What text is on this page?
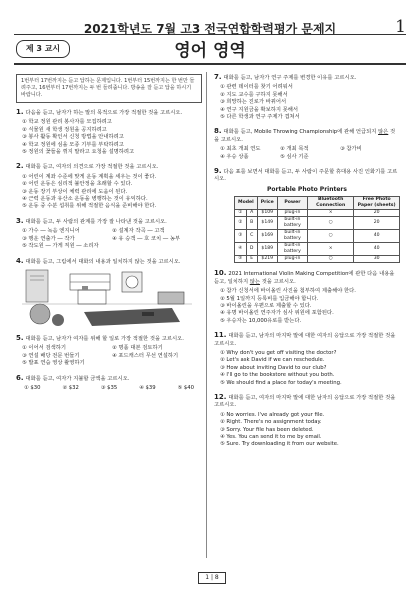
2021학년도 7월 고3 전국연합학력평가 문제지	1
제 3 교시	영어 영역
1번부터 17번까지는 듣고 답하는 문제입니다. 1번부터 15번까지는 한 번만 들려주고, 16번부터 17번까지는 두 번 들려줍니다. 방송을 잘 듣고 답을 하시기 바랍니다.
1. 다음을 듣고, 남자가 하는 말의 목적으로 가장 적절한 것을 고르시오.
① 학교 정원 관리 봉사자를 모집하려고
② 식물원 새 학생 정원을 공지하려고
③ 봉사 활동 확인서 신청 방법을 안내하려고
④ 학교 정원에 심을 모종 기부를 부탁하려고
⑤ 정원의 꽃들을 꺾지 말라고 요청을 설명하려고
2. 대화를 듣고, 여자의 의견으로 가장 적절한 것을 고르시오.
① 어린이 계좌 수준에 맞게 운동 계획을 세우는 것이 좋다.
② 어린 운동은 심리적 불안정을 초래할 수 있다.
③ 운동 장기 부상이 체력 관리에 도움이 된다.
④ 근력 운동과 유산소 운동을 병행하는 것이 유익하다.
⑤ 운동 중 수분 섭취를 위해 적절한 음식을 준비해야 한다.
3. 대화를 듣고, 두 사람의 관계를 가장 잘 나타낸 것을 고르시오.
① 가수 ― 녹음 엔지니어	② 설계자 작곡 ― 고객
③ 행운 연출가 ― 작가	④ 유 승객 ― 호 코치 ― 농부
⑤ 작도원 ― 가게 직원 ― 소리자
4. 대화를 듣고, 그림에서 대화의 내용과 일치하지 않는 것을 고르시오.
5. 대화를 듣고, 남자가 여자를 위해 할 일로 가장 적절한 것을 고르시오.
① 이어서 검색하기	② 명품 대본 검토하기
③ 연설 배당 전문 번들기	④ 포드캐스터 무선 연설하기
⑤ 발표 연습 영상 촬영하기
6. 대화를 듣고, 여자가 지불할 금액을 고르시오.
① $30	② $32	③ $35	④ $39	⑤ $40
7. 대화를 듣고, 남자가 연구 주제를 변경한 이유를 고르시오.
① 관련 데이터를 찾기 어려워서
② 지도 교수를 구하지 못해서
③ 희망하는 진로가 바뀌어서
④ 연구 지원금을 확보하지 못해서
⑤ 다른 학생과 연구 주제가 겹쳐서
8. 대화를 듣고, Mobile Throwing Championship에 관해 언급되지 않은 것을 고르시오.
① 최초 개최 연도	② 개최 목적	③ 참가비
④ 우승 상품	⑤ 심사 기준
9. 다음 표를 보면서 대화를 듣고, 두 사람이 주문할 휴대용 사진 인화기를 고르시오.
Portable Photo Printers
Model		Price	Power	Bluetooth Connection	Free Photo Paper (sheets)
①	A	$109	plug-in	×	20
②	B	$149	built-in battery	○	20
③	C	$169	built-in battery	○	40
④	D	$189	built-in battery	×	40
⑤	E	$219	plug-in	○	30
10. 2021 International Violin Making Competition에 관한 다음 내용을 듣고, 일치하지 않는 것을 고르시오.
① 참가 신청서에 바이올린 사진을 첨부하여 제출해야 한다.
② 5월 1일까지 등록비를 입금해야 합니다.
③ 바이올린을 우편으로 제출할 수 있다.
④ 유명 바이올린 연주자가 심사 위원에 포함된다.
⑤ 우승자는 10,000유로를 받는다.
11. 대화를 듣고, 남자의 마지막 말에 대한 여자의 응답으로 가장 적절한 것을 고르시오.
① Why don't you get off visiting the doctor?
② Let's ask David if we can reschedule.
③ How about inviting David to our club?
④ I'll go to the bookstore without you both.
⑤ We should find a place for today's meeting.
12. 대화를 듣고, 여자의 마지막 말에 대한 남자의 응답으로 가장 적절한 것을 고르시오.
① No worries. I've already got your file.
② Right. There's no assignment today.
③ Sorry. Your file has been deleted.
④ Yes. You can send it to me by email.
⑤ Sure. Try downloading it from our website.
1 | 8
